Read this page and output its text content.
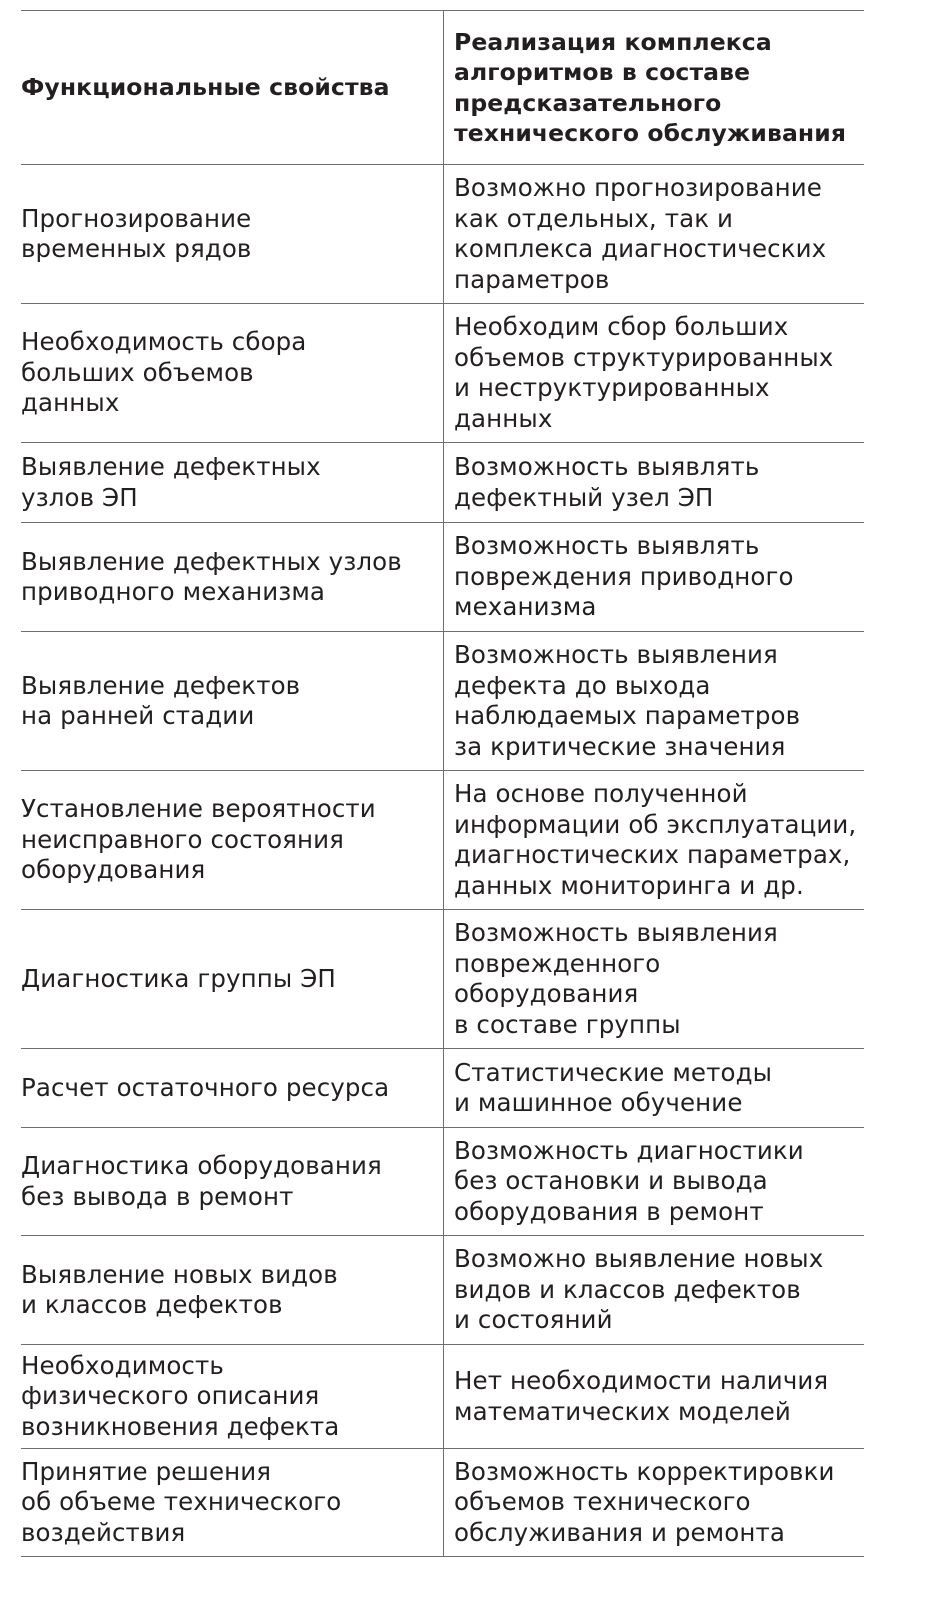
Функциональные свойства
Реализация комплекса
алгоритмов в составе
предсказательного
технического обслуживания
Прогнозирование
временных рядов
Возможно прогнозирование
как отдельных, так и
комплекса диагностических
параметров
Необходимость сбора
больших объемов
данных
Необходим сбор больших
объемов структурированных
и неструктурированных
данных
Выявление дефектных
узлов ЭП
Возможность выявлять
дефектный узел ЭП
Выявление дефектных узлов
приводного механизма
Возможность выявлять
повреждения приводного
механизма
Выявление дефектов
на ранней стадии
Возможность выявления
дефекта до выхода
наблюдаемых параметров
за критические значения
Установление вероятности
неисправного состояния
оборудования
На основе полученной
информации об эксплуатации,
диагностических параметрах,
данных мониторинга и др.
Диагностика группы ЭП
Возможность выявления
поврежденного
оборудования
в составе группы
Расчет остаточного ресурса
Статистические методы
и машинное обучение
Диагностика оборудования
без вывода в ремонт
Возможность диагностики
без остановки и вывода
оборудования в ремонт
Выявление новых видов
и классов дефектов
Возможно выявление новых
видов и классов дефектов
и состояний
Необходимость
физического описания
возникновения дефекта
Нет необходимости наличия
математических моделей
Принятие решения
об объеме технического
воздействия
Возможность корректировки
объемов технического
обслуживания и ремонта
